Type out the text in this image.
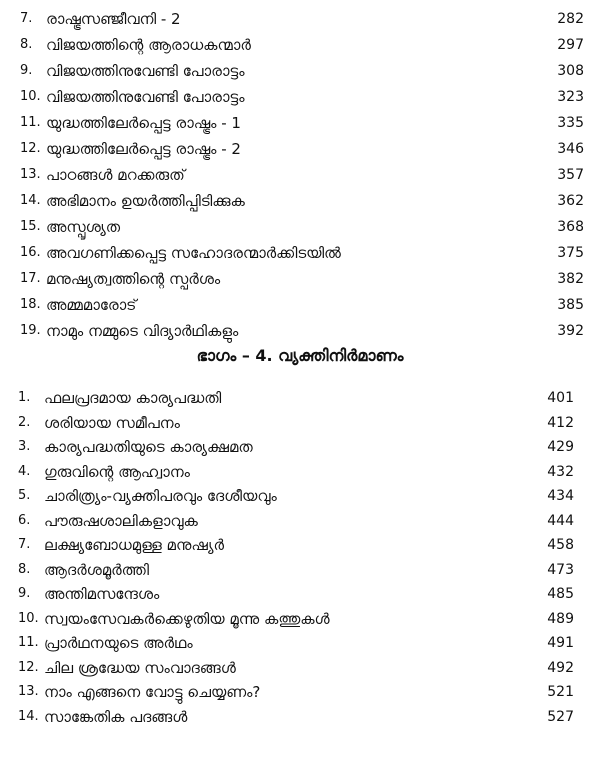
7. രാഷ്ട്രസഞ്ജീവനി - 2	282
8. വിജയത്തിന്റെ ആരാധകന്മാർ	297
9. വിജയത്തിനുവേണ്ടി പോരാട്ടം	308
10. വിജയത്തിനുവേണ്ടി പോരാട്ടം	323
11. യുദ്ധത്തിലേർപ്പെട്ട രാഷ്ട്രം - 1	335
12. യുദ്ധത്തിലേർപ്പെട്ട രാഷ്ട്രം - 2	346
13. പാഠങ്ങൾ മറക്കരുത്	357
14. അഭിമാനം ഉയർത്തിപ്പിടിക്കുക	362
15. അസ്പൃശ്യത	368
16. അവഗണിക്കപ്പെട്ട സഹോദരന്മാർക്കിടയിൽ	375
17. മനുഷ്യത്വത്തിന്റെ സ്പർശം	382
18. അമ്മമാരോട്	385
19. നാമും നമ്മുടെ വിദ്യാർഥികളും	392
ഭാഗം – 4. വ്യക്തിനിർമാണം
1. ഫലപ്രദമായ കാര്യപദ്ധതി	401
2. ശരിയായ സമീപനം	412
3. കാര്യപദ്ധതിയുടെ കാര്യക്ഷമത	429
4. ഗുരുവിന്റെ ആഹ്വാനം	432
5. ചാരിത്ര്യം-വ്യക്തിപരവും ദേശീയവും	434
6. പൗരുഷശാലികളാവുക	444
7. ലക്ഷ്യബോധമുള്ള മനുഷ്യർ	458
8. ആദർശമൂർത്തി	473
9. അന്തിമസന്ദേശം	485
10. സ്വയംസേവകർക്കെഴുതിയ മൂന്നു കത്തുകൾ	489
11. പ്രാർഥനയുടെ അർഥം	491
12. ചില ശ്രദ്ധേയ സംവാദങ്ങൾ	492
13. നാം എങ്ങനെ വോട്ടു ചെയ്യണം?	521
14. സാങ്കേതിക പദങ്ങൾ	527
